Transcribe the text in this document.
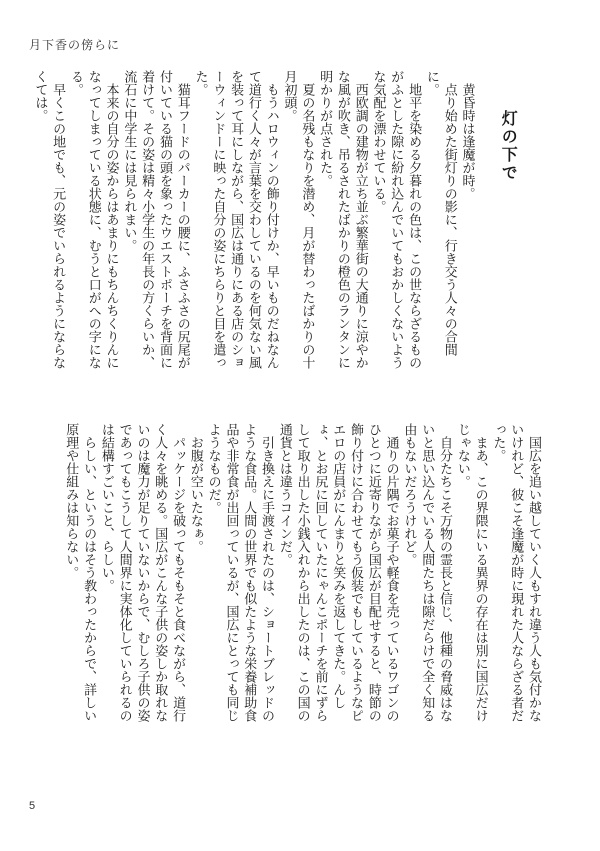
月下香の傍らに
灯の下で

　黄昏時は逢魔が時。

　点り始めた街灯りの影に、行き交う人々の合間に。

　地平を染める夕暮れの色は、この世ならざるものがふとした隙に紛れ込んでいてもおかしくないような気配を漂わせている。

　西欧調の建物が立ち並ぶ繁華街の大通りに涼やかな風が吹き、吊るされたばかりの橙色のランタンに明かりが点された。

　夏の名残もなりを潜め、月が替わったばかりの十月初頭。

　もうハロウィンの飾り付けか、早いものだねなんて道行く人々が言葉を交わしているのを何気ない風を装って耳にしながら、国広は通りにある店のショーウィンドーに映った自分の姿にちらりと目を遣った。

　猫耳フードのパーカーの腰に、ふさふさの尻尾が付いている猫の頭を象ったウエストポーチを背面に着けて。その姿は精々小学生の年長の方くらいか、流石に中学生には見られまい。

　本来の自分の姿からはあまりにもちんちくりんになってしまっている状態に、むうと口がへの字になる。

　早くこの地でも、元の姿でいられるようにならなくては。

　国広を追い越していく人もすれ違う人も気付かないけれど、彼こそ逢魔が時に現れた人ならざる者だった。

　まあ、この界隈にいる異界の存在は別に国広だけじゃない。

　自分たちこそ万物の霊長と信じ、他種の脅威はないと思い込んでいる人間たちは隙だらけで全く知る由もないだろうけれど。

　通りの片隅でお菓子や軽食を売っているワゴンのひとつに近寄りながら国広が目配せすると、時節の飾り付けに合わせてもう仮装でもしているようなピエロの店員がにんまりと笑みを返してきた。んしょ、とお尻に回していたにゃんこポーチを前にずらして取り出した小銭入れから出したのは、この国の通貨とは違うコインだ。

　引き換えに手渡されたのは、ショートブレッドのような食品。人間の世界でも似たような栄養補助食品や非常食が出回っているが、国広にとっても同じようなものだ。

　お腹が空いたなぁ。

　パッケージを破ってもそもそと食べながら、道行く人々を眺める。国広がこんな子供の姿しか取れないのは魔力が足りていないからで、むしろ子供の姿であってもこうして人間界に実体化していられるのは結構すごいこと、らしい。

　らしい、というのはそう教わったからで、詳しい原理や仕組みは知らない。

5
